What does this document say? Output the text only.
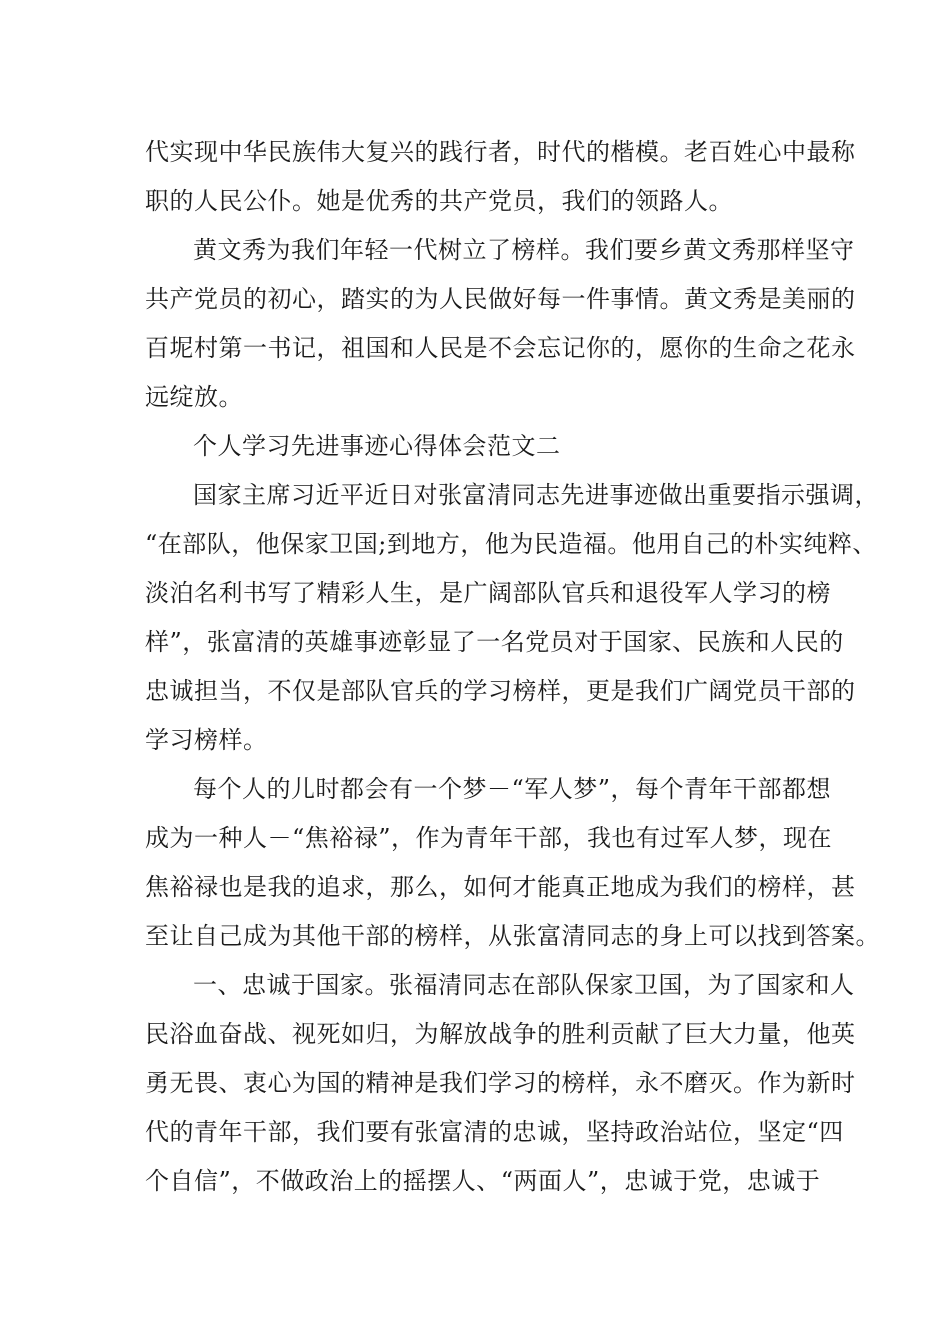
代实现中华民族伟大复兴的践行者，时代的楷模。老百姓心中最称
职的人民公仆。她是优秀的共产党员，我们的领路人。
黄文秀为我们年轻一代树立了榜样。我们要乡黄文秀那样坚守
共产党员的初心，踏实的为人民做好每一件事情。黄文秀是美丽的
百坭村第一书记，祖国和人民是不会忘记你的，愿你的生命之花永
远绽放。
个人学习先进事迹心得体会范文二
国家主席习近平近日对张富清同志先进事迹做出重要指示强调，
“在部队，他保家卫国;到地方，他为民造福。他用自己的朴实纯粹、
淡泊名利书写了精彩人生，是广阔部队官兵和退役军人学习的榜
样”，张富清的英雄事迹彰显了一名党员对于国家、民族和人民的
忠诚担当，不仅是部队官兵的学习榜样，更是我们广阔党员干部的
学习榜样。
每个人的儿时都会有一个梦－“军人梦”，每个青年干部都想
成为一种人－“焦裕禄”，作为青年干部，我也有过军人梦，现在
焦裕禄也是我的追求，那么，如何才能真正地成为我们的榜样，甚
至让自己成为其他干部的榜样，从张富清同志的身上可以找到答案。
一、忠诚于国家。张福清同志在部队保家卫国，为了国家和人
民浴血奋战、视死如归，为解放战争的胜利贡献了巨大力量，他英
勇无畏、衷心为国的精神是我们学习的榜样，永不磨灭。作为新时
代的青年干部，我们要有张富清的忠诚，坚持政治站位，坚定“四
个自信”，不做政治上的摇摆人、“两面人”，忠诚于党，忠诚于
